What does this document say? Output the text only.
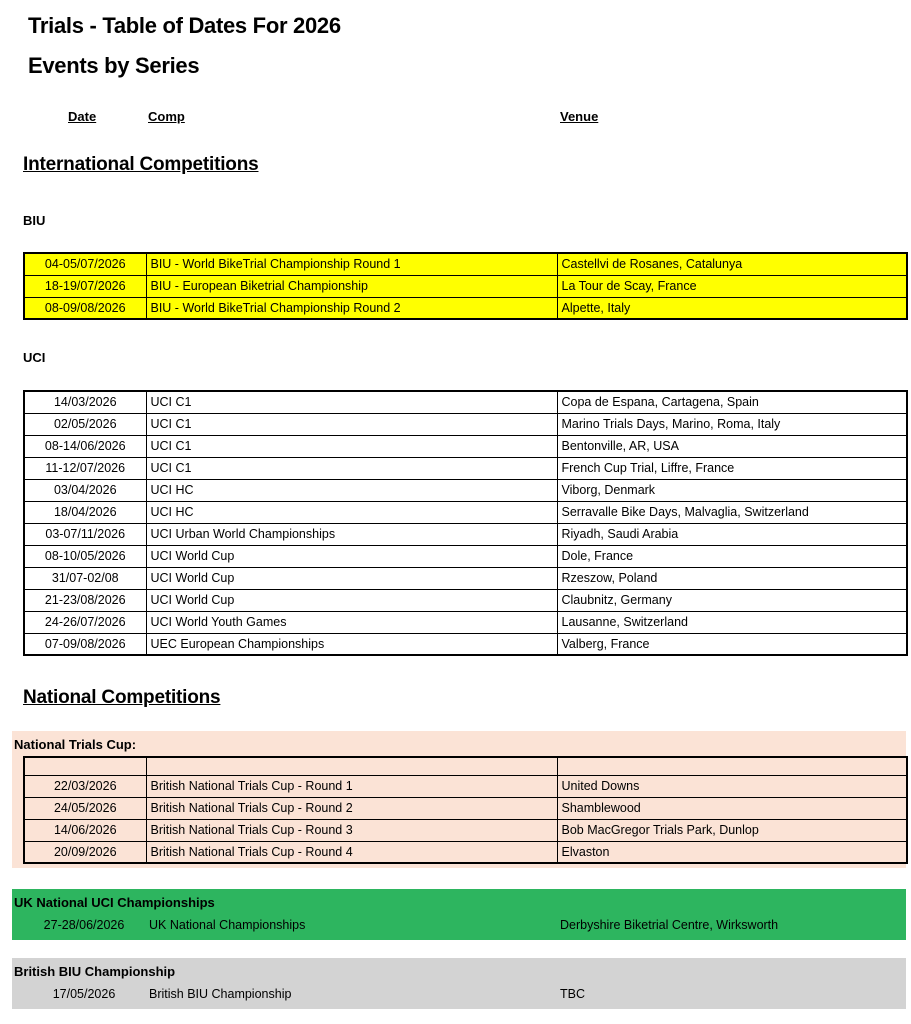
Trials - Table of Dates For 2026
Events by Series
Date	Comp	Venue
International Competitions
BIU
04-05/07/2026	BIU - World BikeTrial Championship Round 1	Castellvi de Rosanes, Catalunya
18-19/07/2026	BIU - European Biketrial Championship	La Tour de Scay, France
08-09/08/2026	BIU - World BikeTrial Championship Round 2	Alpette, Italy
UCI
14/03/2026	UCI C1	Copa de Espana, Cartagena, Spain
02/05/2026	UCI C1	Marino Trials Days, Marino, Roma, Italy
08-14/06/2026	UCI C1	Bentonville, AR, USA
11-12/07/2026	UCI C1	French Cup Trial, Liffre, France
03/04/2026	UCI HC	Viborg, Denmark
18/04/2026	UCI HC	Serravalle Bike Days, Malvaglia, Switzerland
03-07/11/2026	UCI Urban World Championships	Riyadh, Saudi Arabia
08-10/05/2026	UCI World Cup	Dole, France
31/07-02/08	UCI World Cup	Rzeszow, Poland
21-23/08/2026	UCI World Cup	Claubnitz, Germany
24-26/07/2026	UCI World Youth Games	Lausanne, Switzerland
07-09/08/2026	UEC European Championships	Valberg, France
National Competitions
National Trials Cup:

22/03/2026	British National Trials Cup - Round 1	United Downs
24/05/2026	British National Trials Cup - Round 2	Shamblewood
14/06/2026	British National Trials Cup - Round 3	Bob MacGregor Trials Park, Dunlop
20/09/2026	British National Trials Cup - Round 4	Elvaston
UK National UCI Championships
27-28/06/2026	UK National Championships	Derbyshire Biketrial Centre, Wirksworth
British BIU Championship
17/05/2026	British BIU Championship	TBC
